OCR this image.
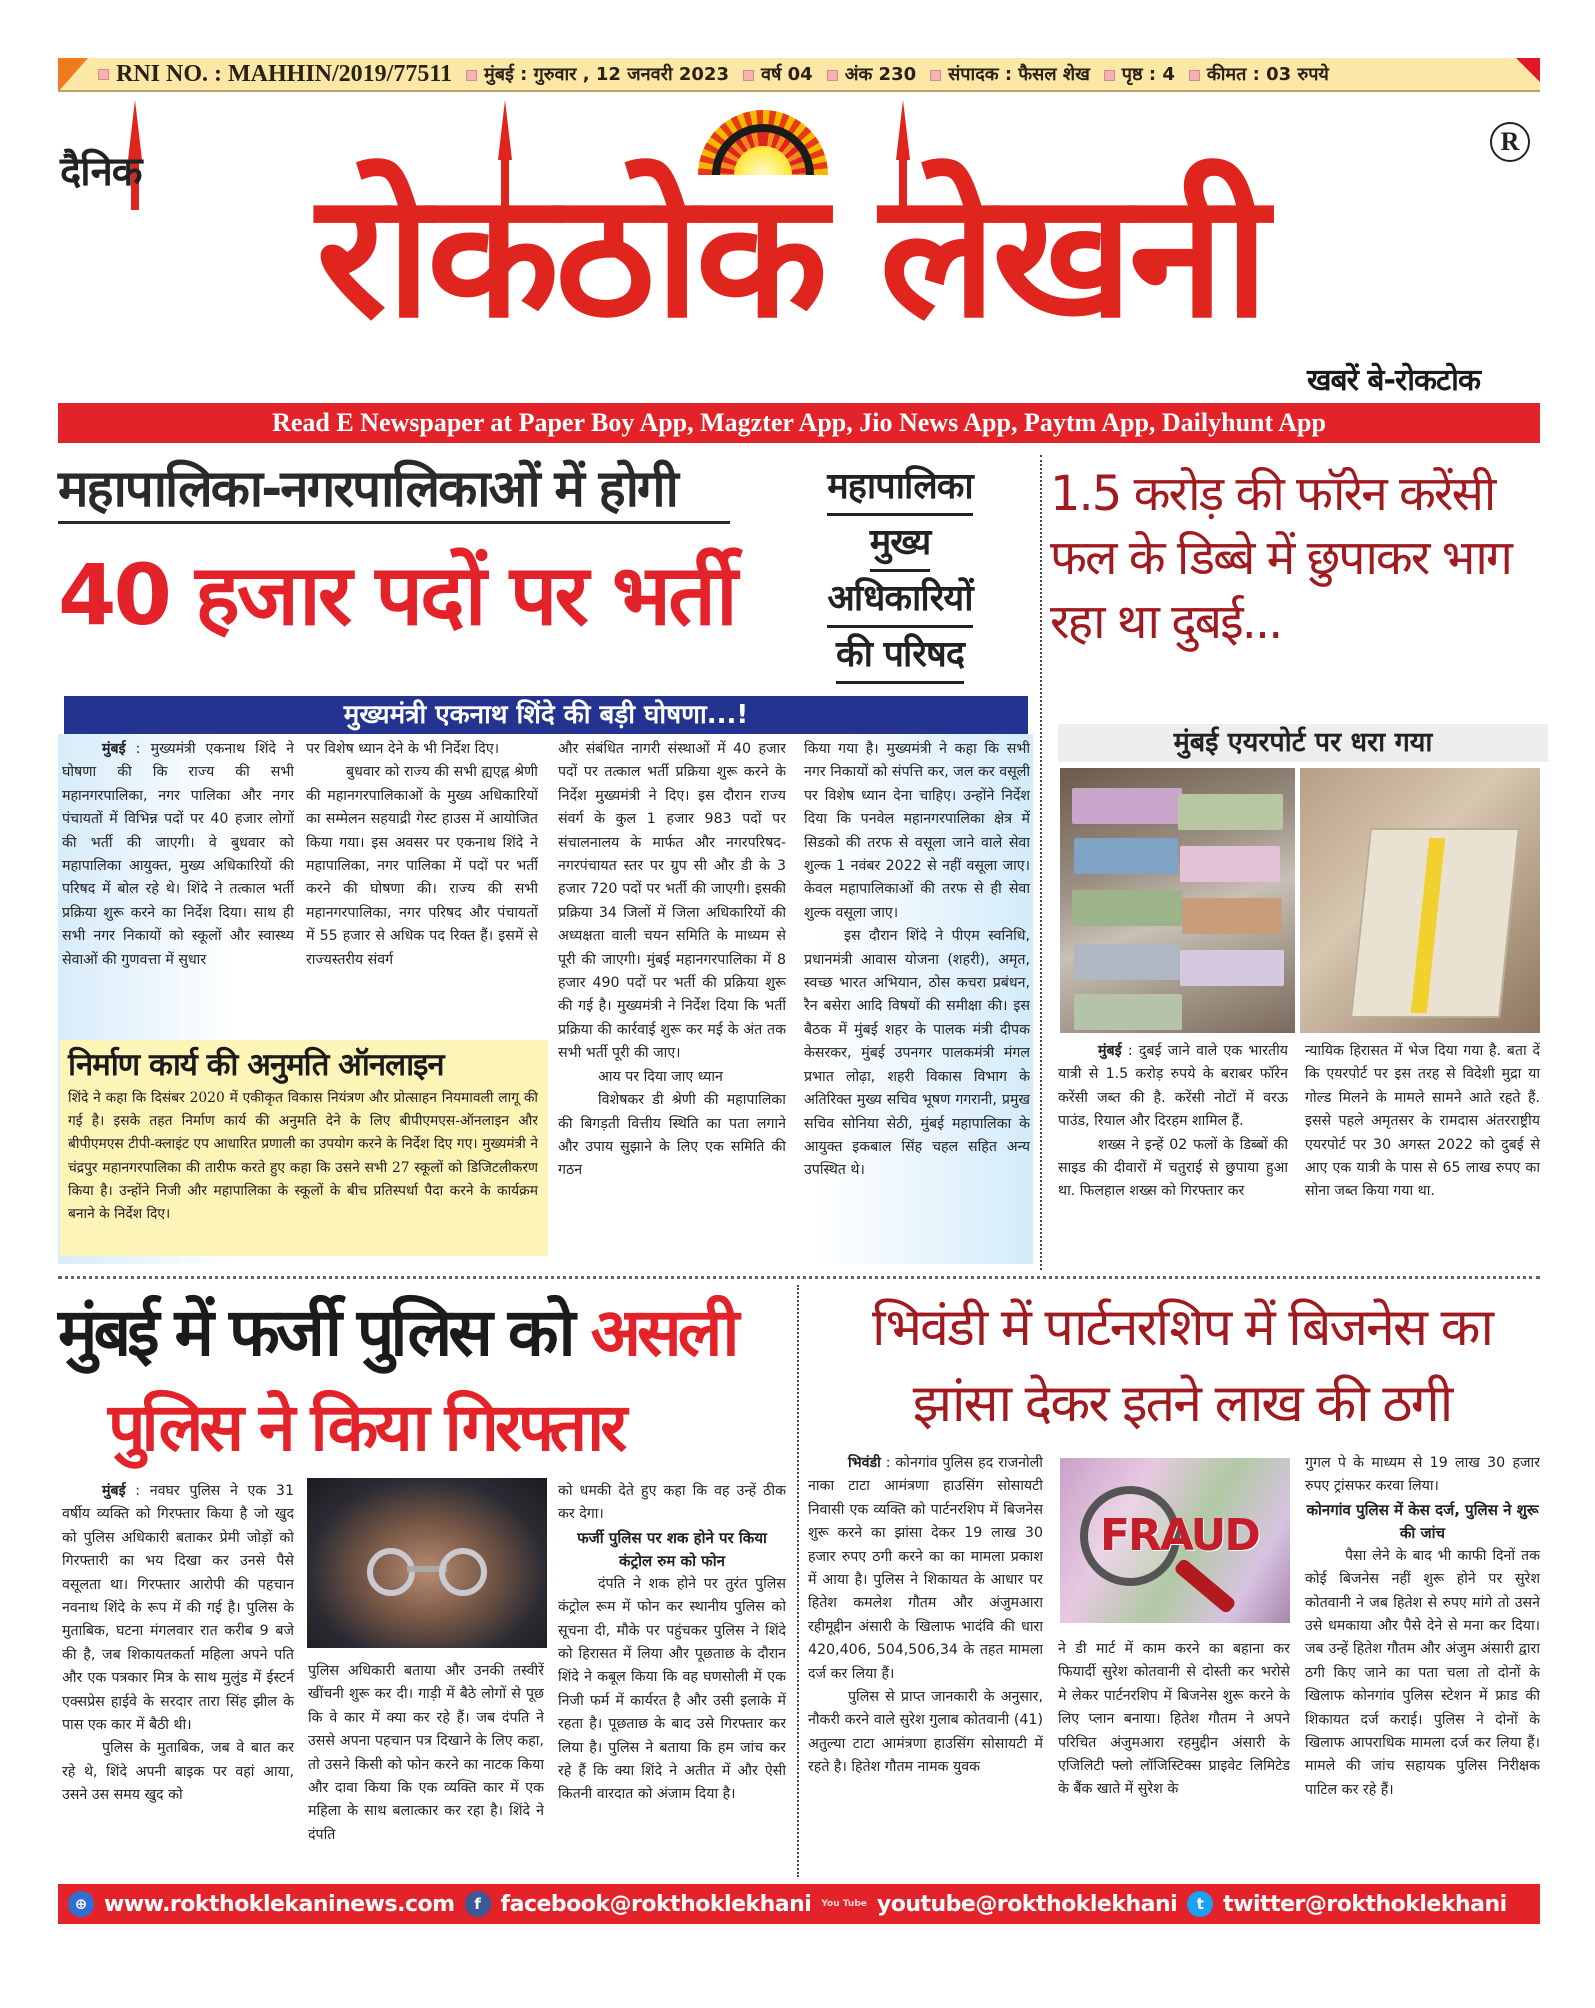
RNI NO. : MAHHIN/2019/77511	मुंबई : गुरुवार , 12 जनवरी 2023	वर्ष 04	अंक 230	संपादक : फैसल शेख	पृष्ठ : 4	कीमत : 03 रुपये
दैनिक	रोकठोक लेखनी
R
खबरें बे-रोकटोक
Read E Newspaper at Paper Boy App, Magzter App, Jio News App, Paytm App, Dailyhunt App
महापालिका-नगरपालिकाओं में होगी
40 हजार पदों पर भर्ती
महापालिका
मुख्य
अधिकारियों
की परिषद
मुख्यमंत्री एकनाथ शिंदे की बड़ी घोषणा...!

मुंबई : मुख्यमंत्री एकनाथ शिंदे ने घोषणा की कि राज्य की सभी महानगरपालिका, नगर पालिका और नगर पंचायतों में विभिन्न पदों पर 40 हजार लोगों की भर्ती की जाएगी। वे बुधवार को महापालिका आयुक्त, मुख्य अधिकारियों की परिषद में बोल रहे थे। शिंदे ने तत्काल भर्ती प्रक्रिया शुरू करने का निर्देश दिया। साथ ही सभी नगर निकायों को स्कूलों और स्वास्थ्य सेवाओं की गुणवत्ता में सुधार

पर विशेष ध्यान देने के भी निर्देश दिए।

बुधवार को राज्य की सभी ह्यएह्न श्रेणी की महानगरपालिकाओं के मुख्य अधिकारियों का सम्मेलन सहयाद्री गेस्ट हाउस में आयोजित किया गया। इस अवसर पर एकनाथ शिंदे ने महापालिका, नगर पालिका में पदों पर भर्ती करने की घोषणा की। राज्य की सभी महानगरपालिका, नगर परिषद और पंचायतों में 55 हजार से अधिक पद रिक्त हैं। इसमें से राज्यस्तरीय संवर्ग

और संबंधित नागरी संस्थाओं में 40 हजार पदों पर तत्काल भर्ती प्रक्रिया शुरू करने के निर्देश मुख्यमंत्री ने दिए। इस दौरान राज्य संवर्ग के कुल 1 हजार 983 पदों पर संचालनालय के मार्फत और नगरपरिषद-नगरपंचायत स्तर पर ग्रुप सी और डी के 3 हजार 720 पदों पर भर्ती की जाएगी। इसकी प्रक्रिया 34 जिलों में जिला अधिकारियों की अध्यक्षता वाली चयन समिति के माध्यम से पूरी की जाएगी। मुंबई महानगरपालिका में 8 हजार 490 पदों पर भर्ती की प्रक्रिया शुरू की गई है। मुख्यमंत्री ने निर्देश दिया कि भर्ती प्रक्रिया की कार्रवाई शुरू कर मई के अंत तक सभी भर्ती पूरी की जाए।

आय पर दिया जाए ध्यान

विशेषकर डी श्रेणी की महापालिका की बिगड़ती वित्तीय स्थिति का पता लगाने और उपाय सुझाने के लिए एक समिति की गठन

किया गया है। मुख्यमंत्री ने कहा कि सभी नगर निकायों को संपत्ति कर, जल कर वसूली पर विशेष ध्यान देना चाहिए। उन्होंने निर्देश दिया कि पनवेल महानगरपालिका क्षेत्र में सिडको की तरफ से वसूला जाने वाले सेवा शुल्क 1 नवंबर 2022 से नहीं वसूला जाए। केवल महापालिकाओं की तरफ से ही सेवा शुल्क वसूला जाए।

इस दौरान शिंदे ने पीएम स्वनिधि, प्रधानमंत्री आवास योजना (शहरी), अमृत, स्वच्छ भारत अभियान, ठोस कचरा प्रबंधन, रैन बसेरा आदि विषयों की समीक्षा की। इस बैठक में मुंबई शहर के पालक मंत्री दीपक केसरकर, मुंबई उपनगर पालकमंत्री मंगल प्रभात लोढ़ा, शहरी विकास विभाग के अतिरिक्त मुख्य सचिव भूषण गगरानी, प्रमुख सचिव सोनिया सेठी, मुंबई महापालिका के आयुक्त इकबाल सिंह चहल सहित अन्य उपस्थित थे।

निर्माण कार्य की अनुमति ऑनलाइन
शिंदे ने कहा कि दिसंबर 2020 में एकीकृत विकास नियंत्रण और प्रोत्साहन नियमावली लागू की गई है। इसके तहत निर्माण कार्य की अनुमति देने के लिए बीपीएमएस-ऑनलाइन और बीपीएमएस टीपी-क्लाइंट एप आधारित प्रणाली का उपयोग करने के निर्देश दिए गए। मुख्यमंत्री ने चंद्रपुर महानगरपालिका की तारीफ करते हुए कहा कि उसने सभी 27 स्कूलों को डिजिटलीकरण किया है। उन्होंने निजी और महापालिका के स्कूलों के बीच प्रतिस्पर्धा पैदा करने के कार्यक्रम बनाने के निर्देश दिए।
1.5 करोड़ की फॉरेन करेंसी फल के डिब्बे में छुपाकर भाग रहा था दुबई...
मुंबई एयरपोर्ट पर धरा गया

मुंबई : दुबई जाने वाले एक भारतीय यात्री से 1.5 करोड़ रुपये के बराबर फॉरेन करेंसी जब्त की है. करेंसी नोटों में वरऊ पाउंड, रियाल और दिरहम शामिल हैं.

शख्स ने इन्हें 02 फलों के डिब्बों की साइड की दीवारों में चतुराई से छुपाया हुआ था. फिलहाल शख्स को गिरफ्तार कर

न्यायिक हिरासत में भेज दिया गया है. बता दें कि एयरपोर्ट पर इस तरह से विदेशी मुद्रा या गोल्ड मिलने के मामले सामने आते रहते हैं. इससे पहले अमृतसर के रामदास अंतरराष्ट्रीय एयरपोर्ट पर 30 अगस्त 2022 को दुबई से आए एक यात्री के पास से 65 लाख रुपए का सोना जब्त किया गया था.

मुंबई में फर्जी पुलिस को असली
पुलिस ने किया गिरफ्तार

मुंबई : नवघर पुलिस ने एक 31 वर्षीय व्यक्ति को गिरफ्तार किया है जो खुद को पुलिस अधिकारी बताकर प्रेमी जोड़ों को गिरफ्तारी का भय दिखा कर उनसे पैसे वसूलता था। गिरफ्तार आरोपी की पहचान नवनाथ शिंदे के रूप में की गई है। पुलिस के मुताबिक, घटना मंगलवार रात करीब 9 बजे की है, जब शिकायतकर्ता महिला अपने पति और एक पत्रकार मित्र के साथ मुलुंड में ईस्टर्न एक्सप्रेस हाईवे के सरदार तारा सिंह झील के पास एक कार में बैठी थी।

पुलिस के मुताबिक, जब वे बात कर रहे थे, शिंदे अपनी बाइक पर वहां आया, उसने उस समय खुद को

पुलिस अधिकारी बताया और उनकी तस्वीरें खींचनी शुरू कर दी। गाड़ी में बैठे लोगों से पूछ कि वे कार में क्या कर रहे हैं। जब दंपति ने उससे अपना पहचान पत्र दिखाने के लिए कहा, तो उसने किसी को फोन करने का नाटक किया और दावा किया कि एक व्यक्ति कार में एक महिला के साथ बलात्कार कर रहा है। शिंदे ने दंपति

को धमकी देते हुए कहा कि वह उन्हें ठीक कर देगा।

फर्जी पुलिस पर शक होने पर किया कंट्रोल रुम को फोन

दंपति ने शक होने पर तुरंत पुलिस कंट्रोल रूम में फोन कर स्थानीय पुलिस को सूचना दी, मौके पर पहुंचकर पुलिस ने शिंदे को हिरासत में लिया और पूछताछ के दौरान शिंदे ने कबूल किया कि वह घणसोली में एक निजी फर्म में कार्यरत है और उसी इलाके में रहता है। पूछताछ के बाद उसे गिरफ्तार कर लिया है। पुलिस ने बताया कि हम जांच कर रहे हैं कि क्या शिंदे ने अतीत में और ऐसी कितनी वारदात को अंजाम दिया है।

भिवंडी में पार्टनरशिप में बिजनेस का
झांसा देकर इतने लाख की ठगी
FRAUD

भिवंडी : कोनगांव पुलिस हद राजनोली नाका टाटा आमंत्रणा हाउसिंग सोसायटी निवासी एक व्यक्ति को पार्टनरशिप में बिजनेस शुरू करने का झांसा देकर 19 लाख 30 हजार रुपए ठगी करने का का मामला प्रकाश में आया है। पुलिस ने शिकायत के आधार पर हितेश कमलेश गौतम और अंजुमआरा रहीमूद्दीन अंसारी के खिलाफ भादंवि की धारा 420,406, 504,506,34 के तहत मामला दर्ज कर लिया हैं।

पुलिस से प्राप्त जानकारी के अनुसार, नौकरी करने वाले सुरेश गुलाब कोतवानी (41) अतुल्या टाटा आमंत्रणा हाउसिंग सोसायटी में रहते है। हितेश गौतम नामक युवक

ने डी मार्ट में काम करने का बहाना कर फियार्दी सुरेश कोतवानी से दोस्ती कर भरोसे मे लेकर पार्टनरशिप में बिजनेस शुरू करने के लिए प्लान बनाया। हितेश गौतम ने अपने परिचित अंजुमआरा रहमुद्दीन अंसारी के एजिलिटी फ्लो लॉजिस्टिक्स प्राइवेट लिमिटेड के बैंक खाते में सुरेश के

गुगल पे के माध्यम से 19 लाख 30 हजार रुपए ट्रांसफर करवा लिया।

कोनगांव पुलिस में केस दर्ज, पुलिस ने शुरू की जांच

पैसा लेने के बाद भी काफी दिनों तक कोई बिजनेस नहीं शुरू होने पर सुरेश कोतवानी ने जब हितेश से रुपए मांगे तो उसने उसे धमकाया और पैसे देने से मना कर दिया। जब उन्हें हितेश गौतम और अंजुम अंसारी द्वारा ठगी किए जाने का पता चला तो दोनों के खिलाफ कोनगांव पुलिस स्टेशन में फ्राड की शिकायत दर्ज कराई। पुलिस ने दोनों के खिलाफ आपराधिक मामला दर्ज कर लिया हैं। मामले की जांच सहायक पुलिस निरीक्षक पाटिल कर रहे हैं।

⊕ www.rokthoklekaninews.com	f facebook@rokthoklekhani You Tube youtube@rokthoklekhani	t twitter@rokthoklekhani
